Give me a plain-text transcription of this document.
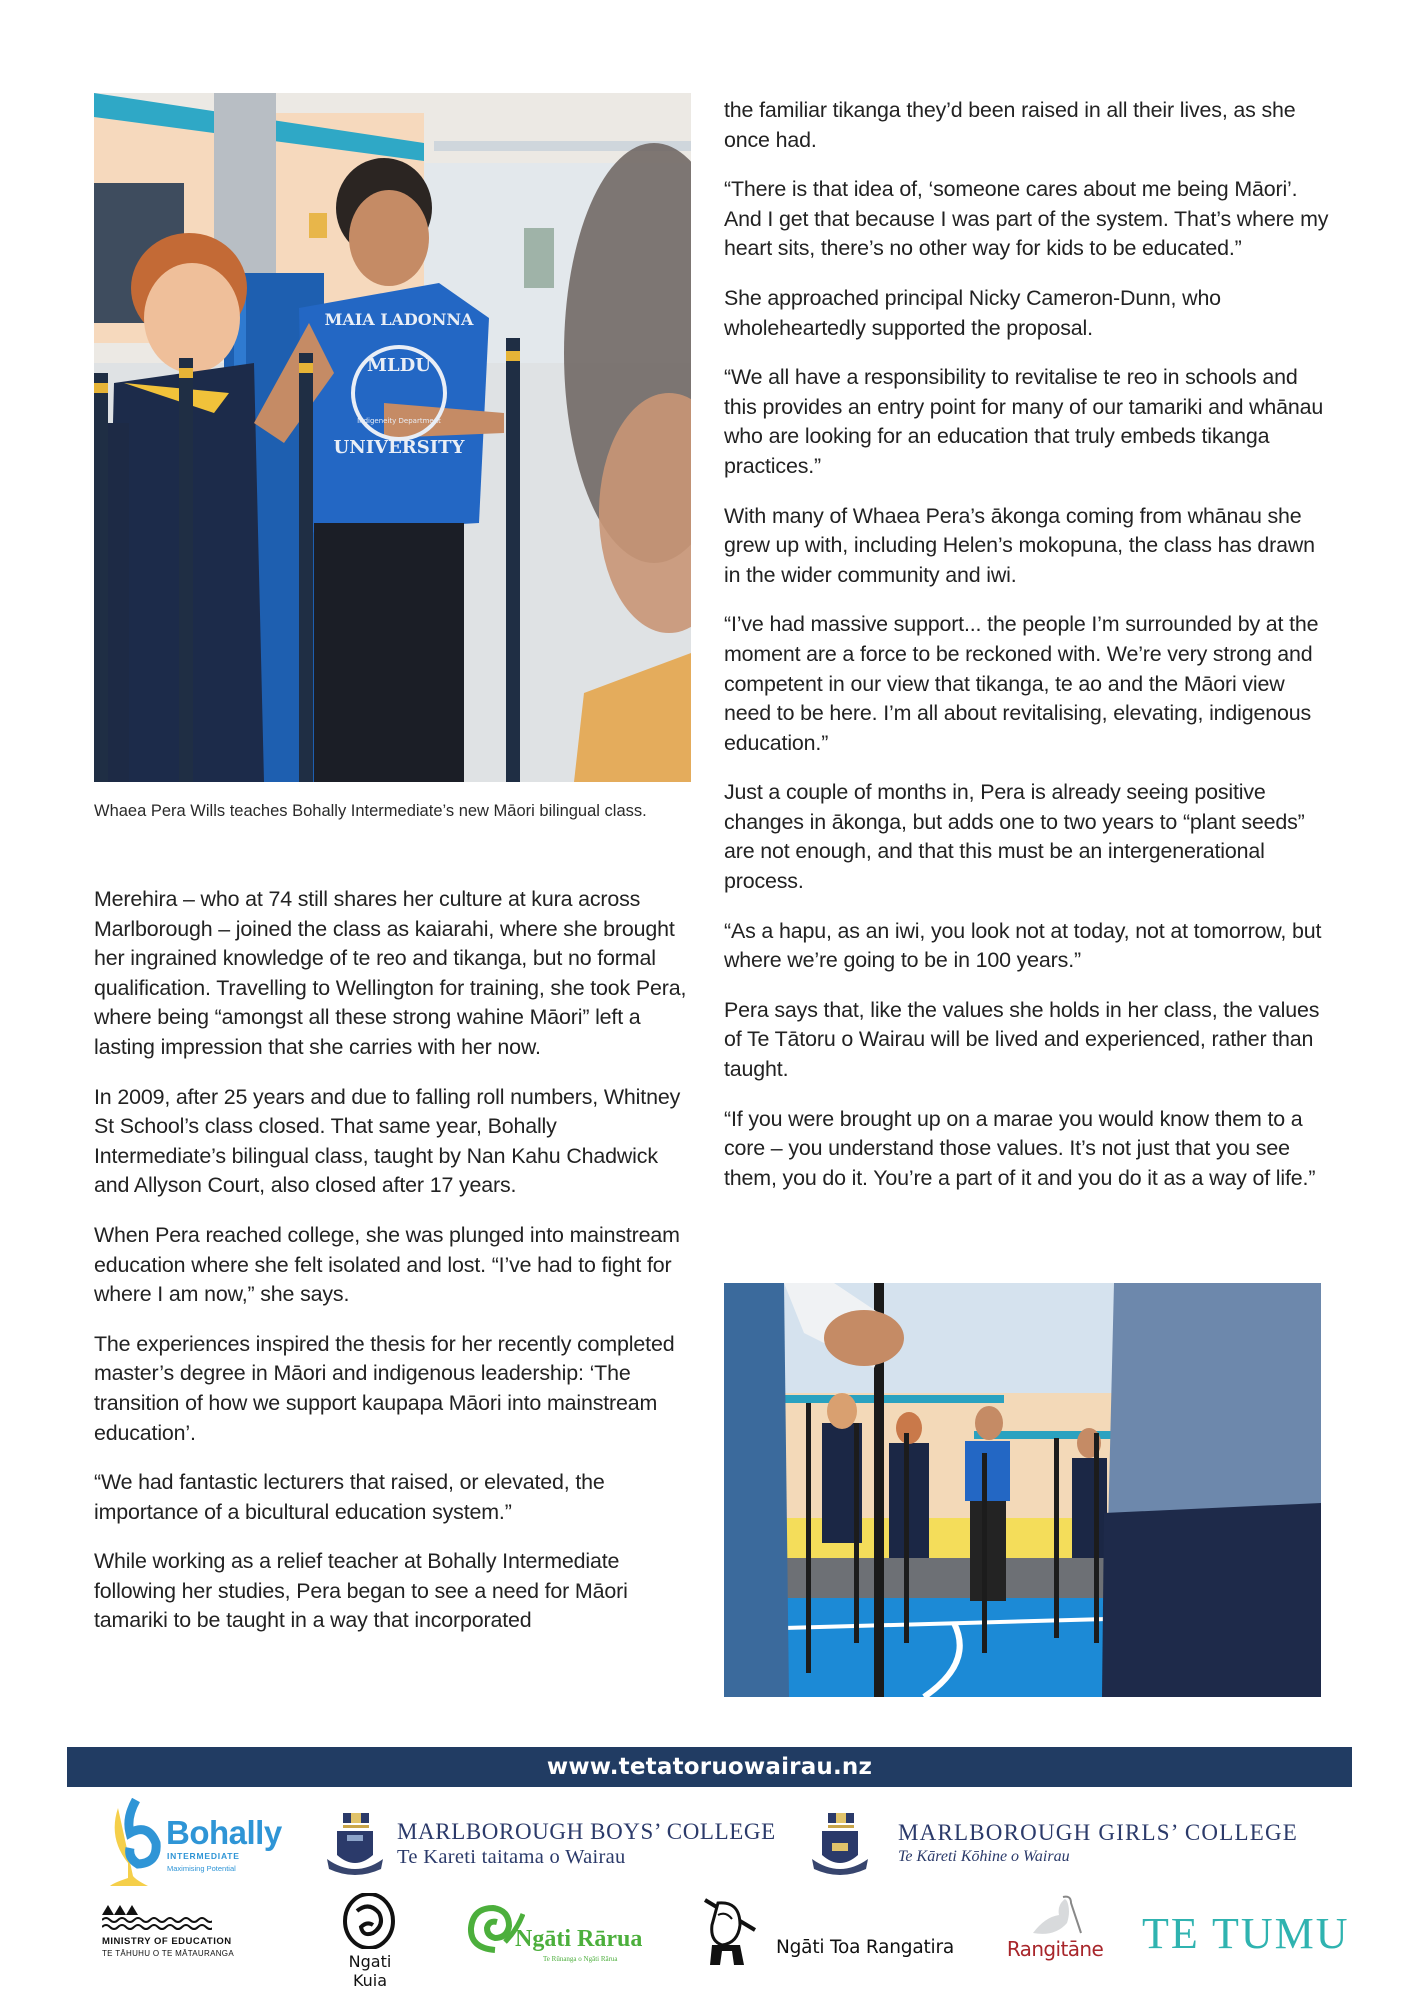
MAIA LADONNA
MLDU
Indigeneity Department
UNIVERSITY
Whaea Pera Wills teaches Bohally Intermediate’s new Māori bilingual class.

Merehira – who at 74 still shares her culture at kura across Marlborough – joined the class as kaiarahi, where she brought her ingrained knowledge of te reo and tikanga, but no formal qualification. Travelling to Wellington for training, she took Pera, where being “amongst all these strong wahine Māori” left a lasting impression that she carries with her now.

In 2009, after 25 years and due to falling roll numbers, Whitney St School’s class closed. That same year, Bohally Intermediate’s bilingual class, taught by Nan Kahu Chadwick and Allyson Court, also closed after 17 years.

When Pera reached college, she was plunged into mainstream education where she felt isolated and lost. “I’ve had to fight for where I am now,” she says.

The experiences inspired the thesis for her recently completed master’s degree in Māori and indigenous leadership: ‘The transition of how we support kaupapa Māori into mainstream education’.

“We had fantastic lecturers that raised, or elevated, the importance of a bicultural education system.”

While working as a relief teacher at Bohally Intermediate following her studies, Pera began to see a need for Māori tamariki to be taught in a way that incorporated

the familiar tikanga they’d been raised in all their lives, as she once had.

“There is that idea of, ‘someone cares about me being Māori’. And I get that because I was part of the system. That’s where my heart sits, there’s no other way for kids to be educated.”

She approached principal Nicky Cameron-Dunn, who wholeheartedly supported the proposal.

“We all have a responsibility to revitalise te reo in schools and this provides an entry point for many of our tamariki and whānau who are looking for an education that truly embeds tikanga practices.”

With many of Whaea Pera’s ākonga coming from whānau she grew up with, including Helen’s mokopuna, the class has drawn in the wider community and iwi.

“I’ve had massive support... the people I’m surrounded by at the moment are a force to be reckoned with. We’re very strong and competent in our view that tikanga, te ao and the Māori view need to be here. I’m all about revitalising, elevating, indigenous education.”

Just a couple of months in, Pera is already seeing positive changes in ākonga, but adds one to two years to “plant seeds” are not enough, and that this must be an intergenerational process.

“As a hapu, as an iwi, you look not at today, not at tomorrow, but where we’re going to be in 100 years.”

Pera says that, like the values she holds in her class, the values of Te Tātoru o Wairau will be lived and experienced, rather than taught.

“If you were brought up on a marae you would know them to a core – you understand those values. It’s not just that you see them, you do it. You’re a part of it and you do it as a way of life.”

www.tetatoruowairau.nz
Bohally
INTERMEDIATE
Maximising Potential
MARLBOROUGH BOYS’ COLLEGE
Te Kareti taitama o Wairau
MARLBOROUGH GIRLS’ COLLEGE
Te Kāreti Kōhine o Wairau
MINISTRY OF EDUCATION
TE TĀHUHU O TE MĀTAURANGA	Ngati Kuia
Ngāti Rārua
Te Rūnanga o Ngāti Rārua
Ngāti Toa Rangatira	Rangitāne TE TUMU
